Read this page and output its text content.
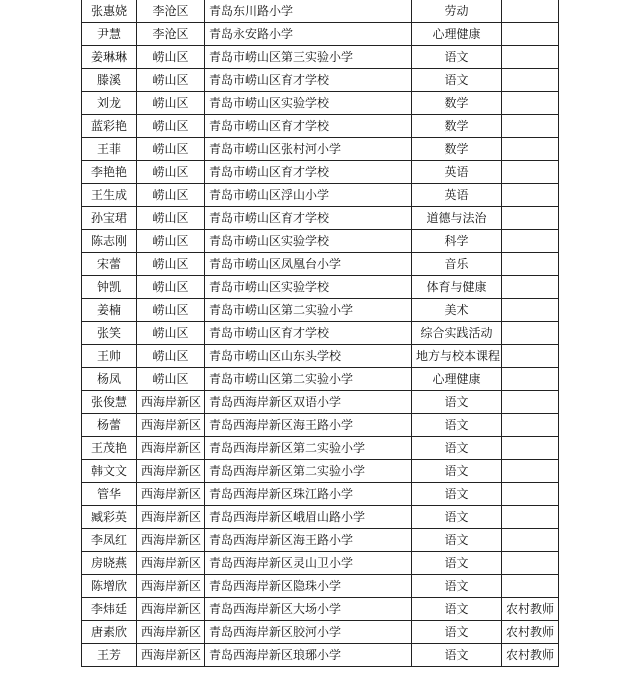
张惠娆	李沧区	青岛东川路小学	劳动	
尹慧	李沧区	青岛永安路小学	心理健康	
姜琳琳	崂山区	青岛市崂山区第三实验小学	语文	
滕溪	崂山区	青岛市崂山区育才学校	语文	
刘龙	崂山区	青岛市崂山区实验学校	数学	
蓝彩艳	崂山区	青岛市崂山区育才学校	数学	
王菲	崂山区	青岛市崂山区张村河小学	数学	
李艳艳	崂山区	青岛市崂山区育才学校	英语	
王生成	崂山区	青岛市崂山区浮山小学	英语	
孙宝珺	崂山区	青岛市崂山区育才学校	道德与法治	
陈志刚	崂山区	青岛市崂山区实验学校	科学	
宋蕾	崂山区	青岛市崂山区凤凰台小学	音乐	
钟凯	崂山区	青岛市崂山区实验学校	体育与健康	
姜楠	崂山区	青岛市崂山区第二实验小学	美术	
张笑	崂山区	青岛市崂山区育才学校	综合实践活动	
王帅	崂山区	青岛市崂山区山东头学校	地方与校本课程	
杨凤	崂山区	青岛市崂山区第二实验小学	心理健康	
张俊慧	西海岸新区	青岛西海岸新区双语小学	语文	
杨蕾	西海岸新区	青岛西海岸新区海王路小学	语文	
王茂艳	西海岸新区	青岛西海岸新区第二实验小学	语文	
韩文文	西海岸新区	青岛西海岸新区第二实验小学	语文	
管华	西海岸新区	青岛西海岸新区珠江路小学	语文	
臧彩英	西海岸新区	青岛西海岸新区峨眉山路小学	语文	
李凤红	西海岸新区	青岛西海岸新区海王路小学	语文	
房晓燕	西海岸新区	青岛西海岸新区灵山卫小学	语文	
陈增欣	西海岸新区	青岛西海岸新区隐珠小学	语文	
李炜廷	西海岸新区	青岛西海岸新区大场小学	语文	农村教师
唐素欣	西海岸新区	青岛西海岸新区胶河小学	语文	农村教师
王芳	西海岸新区	青岛西海岸新区琅琊小学	语文	农村教师
